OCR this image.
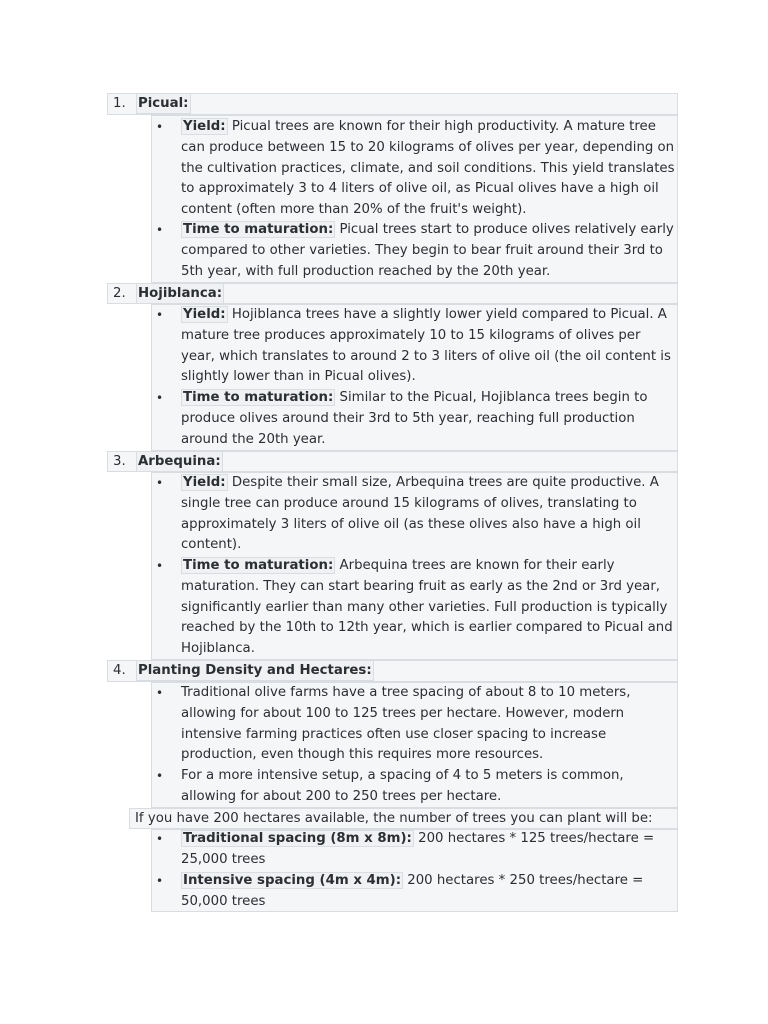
1. Picual:
• Yield: Picual trees are known for their high productivity. A mature tree can produce between 15 to 20 kilograms of olives per year, depending on the cultivation practices, climate, and soil conditions. This yield translates to approximately 3 to 4 liters of olive oil, as Picual olives have a high oil content (often more than 20% of the fruit's weight).
• Time to maturation: Picual trees start to produce olives relatively early compared to other varieties. They begin to bear fruit around their 3rd to 5th year, with full production reached by the 20th year.
2. Hojiblanca:
• Yield: Hojiblanca trees have a slightly lower yield compared to Picual. A mature tree produces approximately 10 to 15 kilograms of olives per year, which translates to around 2 to 3 liters of olive oil (the oil content is slightly lower than in Picual olives).
• Time to maturation: Similar to the Picual, Hojiblanca trees begin to produce olives around their 3rd to 5th year, reaching full production around the 20th year.
3. Arbequina:
• Yield: Despite their small size, Arbequina trees are quite productive. A single tree can produce around 15 kilograms of olives, translating to approximately 3 liters of olive oil (as these olives also have a high oil content).
• Time to maturation: Arbequina trees are known for their early maturation. They can start bearing fruit as early as the 2nd or 3rd year, significantly earlier than many other varieties. Full production is typically reached by the 10th to 12th year, which is earlier compared to Picual and Hojiblanca.
4. Planting Density and Hectares:
• Traditional olive farms have a tree spacing of about 8 to 10 meters, allowing for about 100 to 125 trees per hectare. However, modern intensive farming practices often use closer spacing to increase production, even though this requires more resources.
• For a more intensive setup, a spacing of 4 to 5 meters is common, allowing for about 200 to 250 trees per hectare.
If you have 200 hectares available, the number of trees you can plant will be:
• Traditional spacing (8m x 8m): 200 hectares * 125 trees/hectare = 25,000 trees
• Intensive spacing (4m x 4m): 200 hectares * 250 trees/hectare = 50,000 trees
